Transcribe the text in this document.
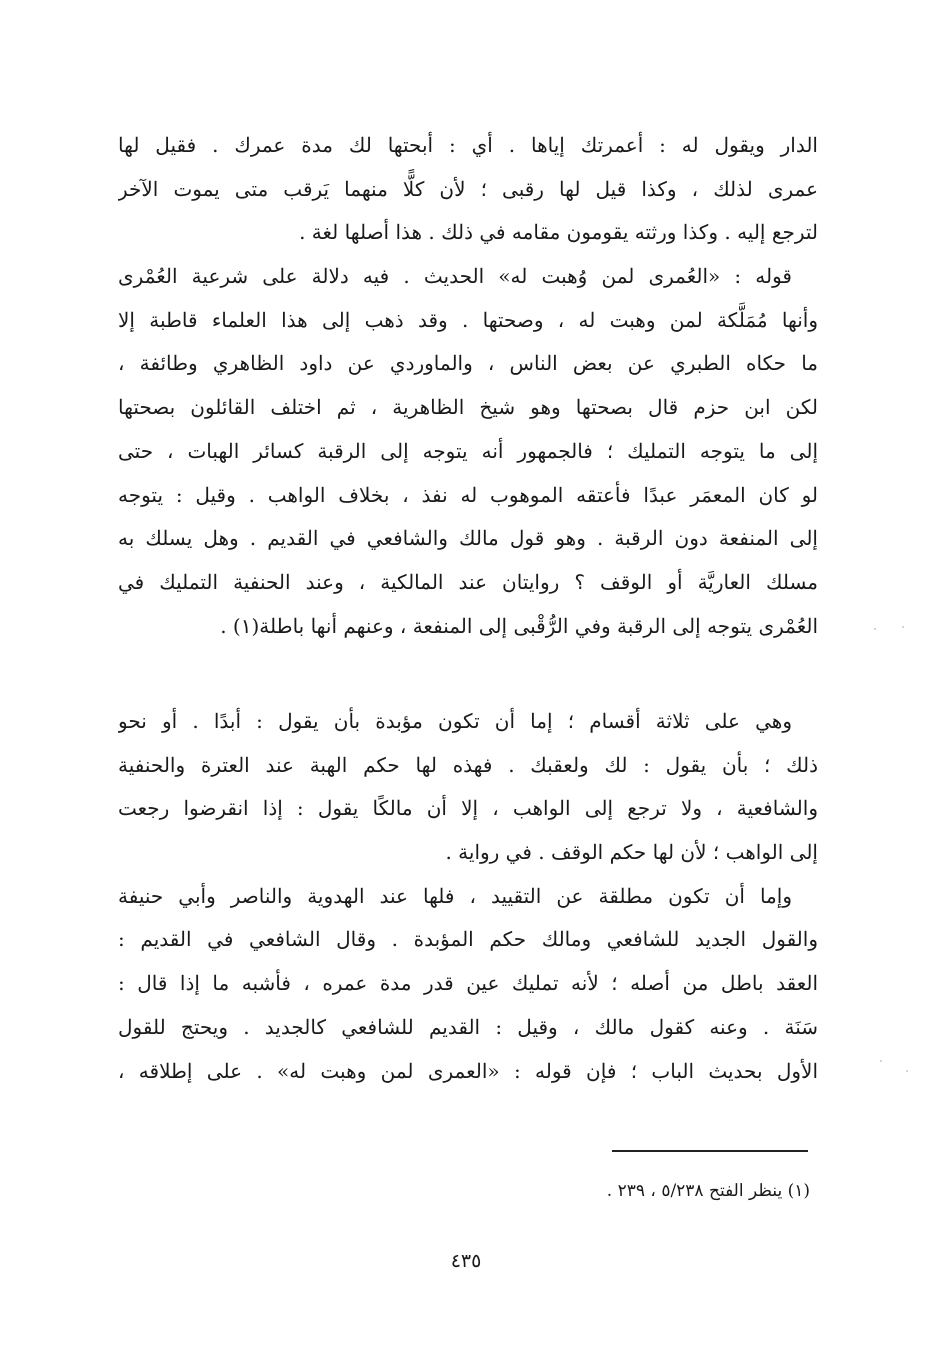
الدار ويقول له : أعمرتك إياها . أي : أبحتها لك مدة عمرك . فقيل لها
عمرى لذلك ، وكذا قيل لها رقبى ؛ لأن كلًّا منهما يَرقب متى يموت الآخر
لترجع إليه . وكذا ورثته يقومون مقامه في ذلك . هذا أصلها لغة .
قوله : «العُمرى لمن وُهبت له» الحديث . فيه دلالة على شرعية العُمْرى
وأنها مُمَلَّكة لمن وهبت له ، وصحتها . وقد ذهب إلى هذا العلماء قاطبة إلا
ما حكاه الطبري عن بعض الناس ، والماوردي عن داود الظاهري وطائفة ،
لكن ابن حزم قال بصحتها وهو شيخ الظاهرية ، ثم اختلف القائلون بصحتها
إلى ما يتوجه التمليك ؛ فالجمهور أنه يتوجه إلى الرقبة كسائر الهبات ، حتى
لو كان المعمَر عبدًا فأعتقه الموهوب له نفذ ، بخلاف الواهب . وقيل : يتوجه
إلى المنفعة دون الرقبة . وهو قول مالك والشافعي في القديم . وهل يسلك به
مسلك العاريَّة أو الوقف ؟ روايتان عند المالكية ، وعند الحنفية التمليك في
العُمْرى يتوجه إلى الرقبة وفي الرُّقْبى إلى المنفعة ، وعنهم أنها باطلة(١) .
وهي على ثلاثة أقسام ؛ إما أن تكون مؤبدة بأن يقول : أبدًا . أو نحو
ذلك ؛ بأن يقول : لك ولعقبك . فهذه لها حكم الهبة عند العترة والحنفية
والشافعية ، ولا ترجع إلى الواهب ، إلا أن مالكًا يقول : إذا انقرضوا رجعت
إلى الواهب ؛ لأن لها حكم الوقف . في رواية .
وإما أن تكون مطلقة عن التقييد ، فلها عند الهدوية والناصر وأبي حنيفة
والقول الجديد للشافعي ومالك حكم المؤبدة . وقال الشافعي في القديم :
العقد باطل من أصله ؛ لأنه تمليك عين قدر مدة عمره ، فأشبه ما إذا قال :
سَنَة . وعنه كقول مالك ، وقيل : القديم للشافعي كالجديد . ويحتج للقول
الأول بحديث الباب ؛ فإن قوله : «العمرى لمن وهبت له» . على إطلاقه ،
(١) ينظر الفتح ٥/٢٣٨ ، ٢٣٩ .
٤٣٥
